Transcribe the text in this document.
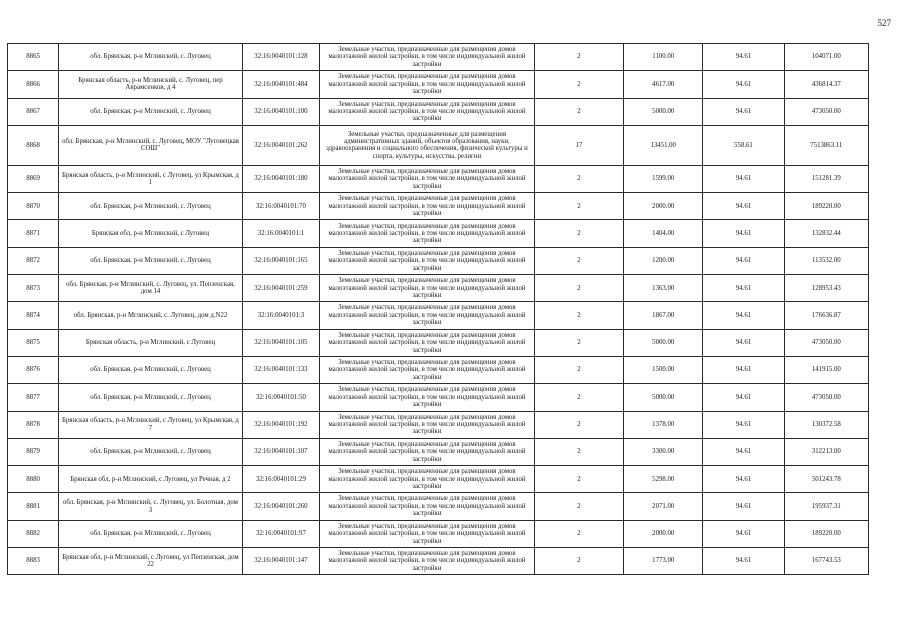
527
8865	обл. Брянская, р-н Мглинский, с. Луговец	32:16:0040101:128	Земельные участки, предназначенные для размещения домов малоэтажной жилой застройки, в том числе индивидуальной жилой застройки	2	1100.00	94.61	104071.00
8866	Брянская область, р-н Мглинский, с. Луговец, пер Аврамсенков, д 4	32:16:0040101:484	Земельные участки, предназначенные для размещения домов малоэтажной жилой застройки, в том числе индивидуальной жилой застройки	2	4617.00	94.61	436814.37
8867	обл. Брянская, р-н Мглинский, с. Луговец	32:16:0040101:100	Земельные участки, предназначенные для размещения домов малоэтажной жилой застройки, в том числе индивидуальной жилой застройки	2	5000.00	94.61	473050.00
8868	обл. Брянская, р-н Мглинский, с. Луговец, МОУ "Луговецкая СОШ"	32:16:0040101:262	Земельные участки, предназначенные для размещения административных зданий, объектов образования, науки, здравоохранения и социального обеспечения, физической культуры и спорта, культуры, искусства, религии	17	13451.00	558.61	7513863.11
8869	Брянская область, р-н Мглинский, с Луговец, ул Крымская, д 1	32:16:0040101:180	Земельные участки, предназначенные для размещения домов малоэтажной жилой застройки, в том числе индивидуальной жилой застройки	2	1599.00	94.61	151281.39
8870	обл. Брянская, р-н Мглинский, с. Луговец	32:16:0040101:70	Земельные участки, предназначенные для размещения домов малоэтажной жилой застройки, в том числе индивидуальной жилой застройки	2	2000.00	94.61	189220.00
8871	Брянская обл, р-н Мглинский, с Луговец	32:16:0040101:1	Земельные участки, предназначенные для размещения домов малоэтажной жилой застройки, в том числе индивидуальной жилой застройки	2	1404.00	94.61	132832.44
8872	обл. Брянская, р-н Мглинский, с. Луговец	32:16:0040101:165	Земельные участки, предназначенные для размещения домов малоэтажной жилой застройки, в том числе индивидуальной жилой застройки	2	1200.00	94.61	113532.00
8873	обл. Брянская, р-н Мглинский, с. Луговец, ул. Пепзенская, дом 14	32:16:0040101:259	Земельные участки, предназначенные для размещения домов малоэтажной жилой застройки, в том числе индивидуальной жилой застройки	2	1363.00	94.61	128953.43
8874	обл. Брянская, р-н Мглинский, с. Луговец, дом д.N22	32:16:0040101:3	Земельные участки, предназначенные для размещения домов малоэтажной жилой застройки, в том числе индивидуальной жилой застройки	2	1867.00	94.61	176636.87
8875	Брянская область, р-н Мглинский, с Луговец	32:16:0040101:105	Земельные участки, предназначенные для размещения домов малоэтажной жилой застройки, в том числе индивидуальной жилой застройки	2	5000.00	94.61	473050.00
8876	обл. Брянская, р-н Мглинский, с. Луговец	32:16:0040101:133	Земельные участки, предназначенные для размещения домов малоэтажной жилой застройки, в том числе индивидуальной жилой застройки	2	1500.00	94.61	141915.00
8877	обл. Брянская, р-н Мглинский, с. Луговец	32:16:0040101:50	Земельные участки, предназначенные для размещения домов малоэтажной жилой застройки, в том числе индивидуальной жилой застройки	2	5000.00	94.61	473050.00
8878	Брянская область, р-н Мглинский, с Луговец, ул Крымская, д 7	32:16:0040101:192	Земельные участки, предназначенные для размещения домов малоэтажной жилой застройки, в том числе индивидуальной жилой застройки	2	1378.00	94.61	130372.58
8879	обл. Брянская, р-н Мглинский, с. Луговец	32:16:0040101:107	Земельные участки, предназначенные для размещения домов малоэтажной жилой застройки, в том числе индивидуальной жилой застройки	2	3300.00	94.61	312213.00
8880	Брянская обл, р-н Мглинский, с Луговец, ул Речная, д 2	32:16:0040101:29	Земельные участки, предназначенные для размещения домов малоэтажной жилой застройки, в том числе индивидуальной жилой застройки	2	5298.00	94.61	501243.78
8881	обл. Брянская, р-н Мглинский, с. Луговец, ул. Болотная, дом 3	32:16:0040101:260	Земельные участки, предназначенные для размещения домов малоэтажной жилой застройки, в том числе индивидуальной жилой застройки	2	2071.00	94.61	195937.31
8882	обл. Брянская, р-н Мглинский, с. Луговец	32:16:0040101:97	Земельные участки, предназначенные для размещения домов малоэтажной жилой застройки, в том числе индивидуальной жилой застройки	2	2000.00	94.61	189220.00
8883	Брянская обл, р-н Мглинский, с Луговец, ул Пепзенская, дом 22	32:16:0040101:147	Земельные участки, предназначенные для размещения домов малоэтажной жилой застройки, в том числе индивидуальной жилой застройки	2	1773.00	94.61	167743.53
